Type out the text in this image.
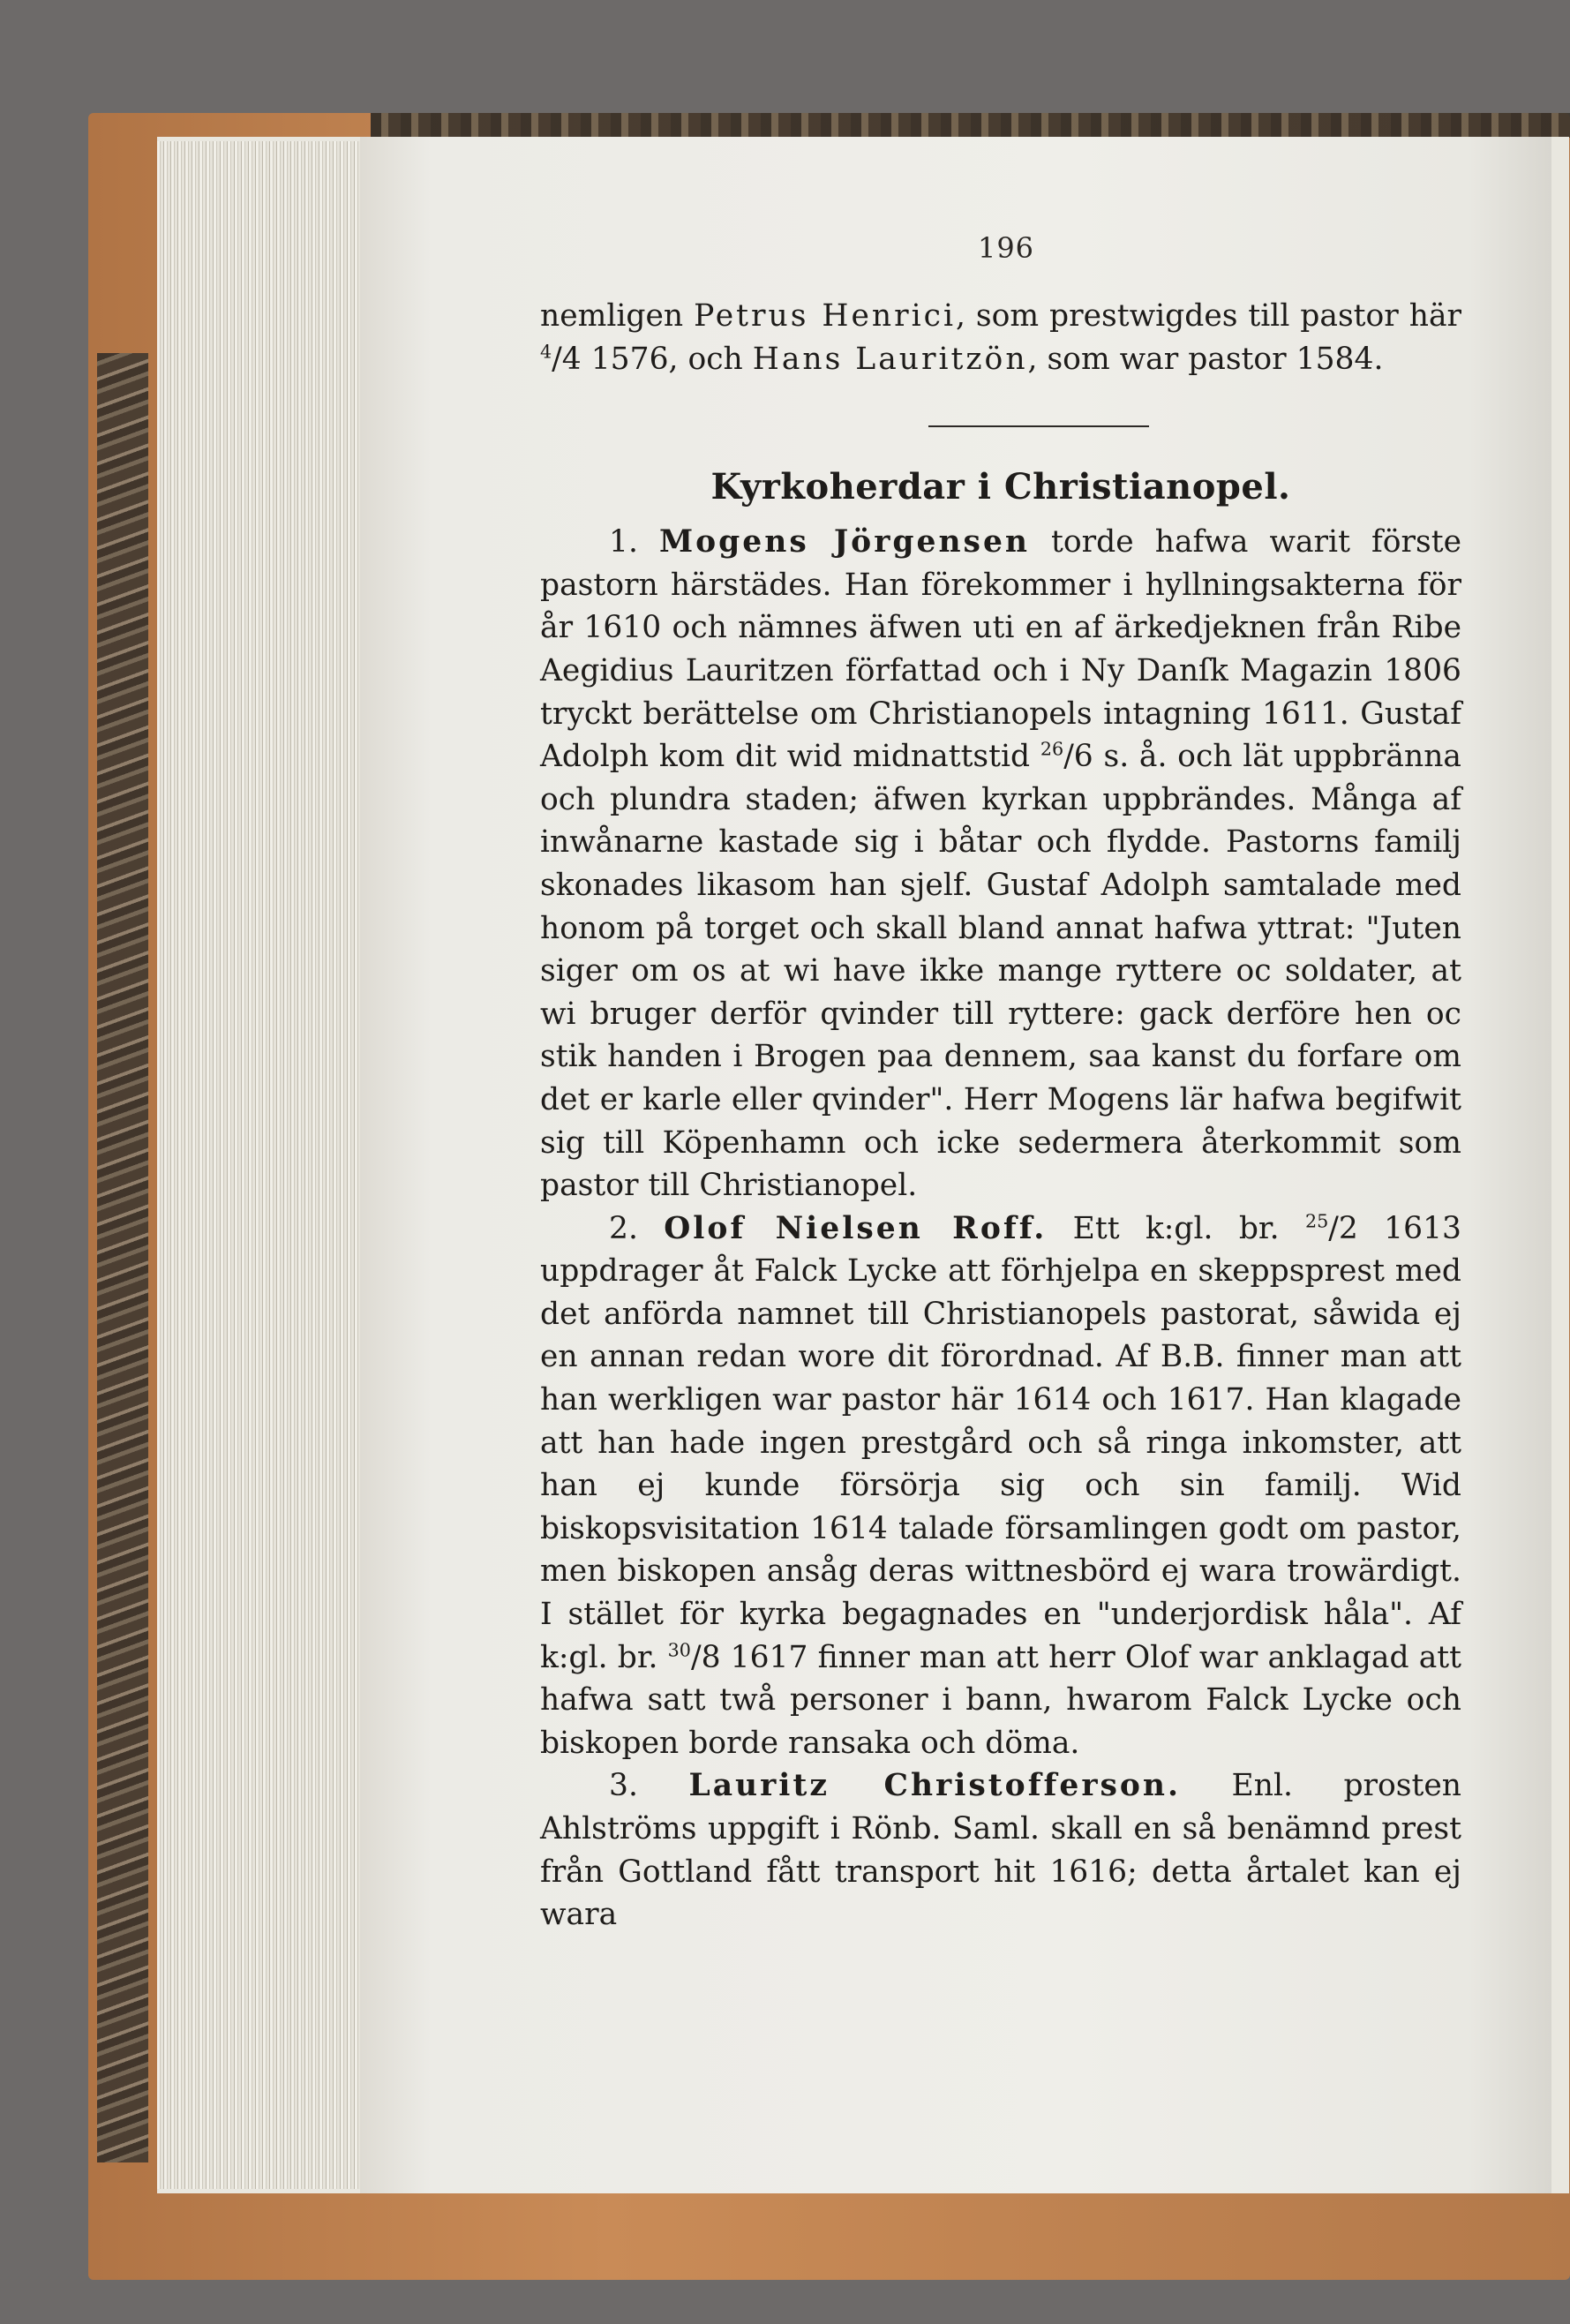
196

nemligen Petrus Henrici, som prestwigdes till pastor här $^4$/4 1576, och Hans Lauritzön, som war pastor 1584.

Kyrkoherdar i Christianopel.

1. Mogens Jörgensen torde hafwa warit förste pastorn härstädes. Han förekommer i hyllningsakterna för år 1610 och nämnes äfwen uti en af ärkedjeknen från Ribe Aegidius Lauritzen författad och i Ny Danſk Magazin 1806 tryckt berättelse om Christianopels intagning 1611. Gustaf Adolph kom dit wid midnattstid $^{26}$/6 s. å. och lät uppbränna och plundra staden; äfwen kyrkan uppbrändes. Många af inwånarne kastade sig i båtar och flydde. Pastorns familj skonades likasom han sjelf. Gustaf Adolph samtalade med honom på torget och skall bland annat hafwa yttrat: "Juten siger om os at wi have ikke mange ryttere oc soldater, at wi bruger derför qvinder till ryttere: gack derföre hen oc stik handen i Brogen paa dennem, saa kanst du forfare om det er karle eller qvinder". Herr Mogens lär hafwa begifwit sig till Köpenhamn och icke sedermera återkommit som pastor till Christianopel.

2. Olof Nielsen Roff. Ett k:gl. br. $^{25}$/2 1613 uppdrager åt Falck Lycke att förhjelpa en skeppsprest med det anförda namnet till Christianopels pastorat, såwida ej en annan redan wore dit förordnad. Af B.B. finner man att han werkligen war pastor här 1614 och 1617. Han klagade att han hade ingen prestgård och så ringa inkomster, att han ej kunde försörja sig och sin familj. Wid biskopsvisitation 1614 talade församlingen godt om pastor, men biskopen ansåg deras wittnesbörd ej wara trowärdigt. I stället för kyrka begagnades en "underjordisk håla". Af k:gl. br. $^{30}$/8 1617 finner man att herr Olof war anklagad att hafwa satt twå personer i bann, hwarom Falck Lycke och biskopen borde ransaka och döma.

3. Lauritz Christofferson. Enl. prosten Ahlströms uppgift i Rönb. Saml. skall en så benämnd prest från Gottland fått transport hit 1616; detta årtalet kan ej wara
